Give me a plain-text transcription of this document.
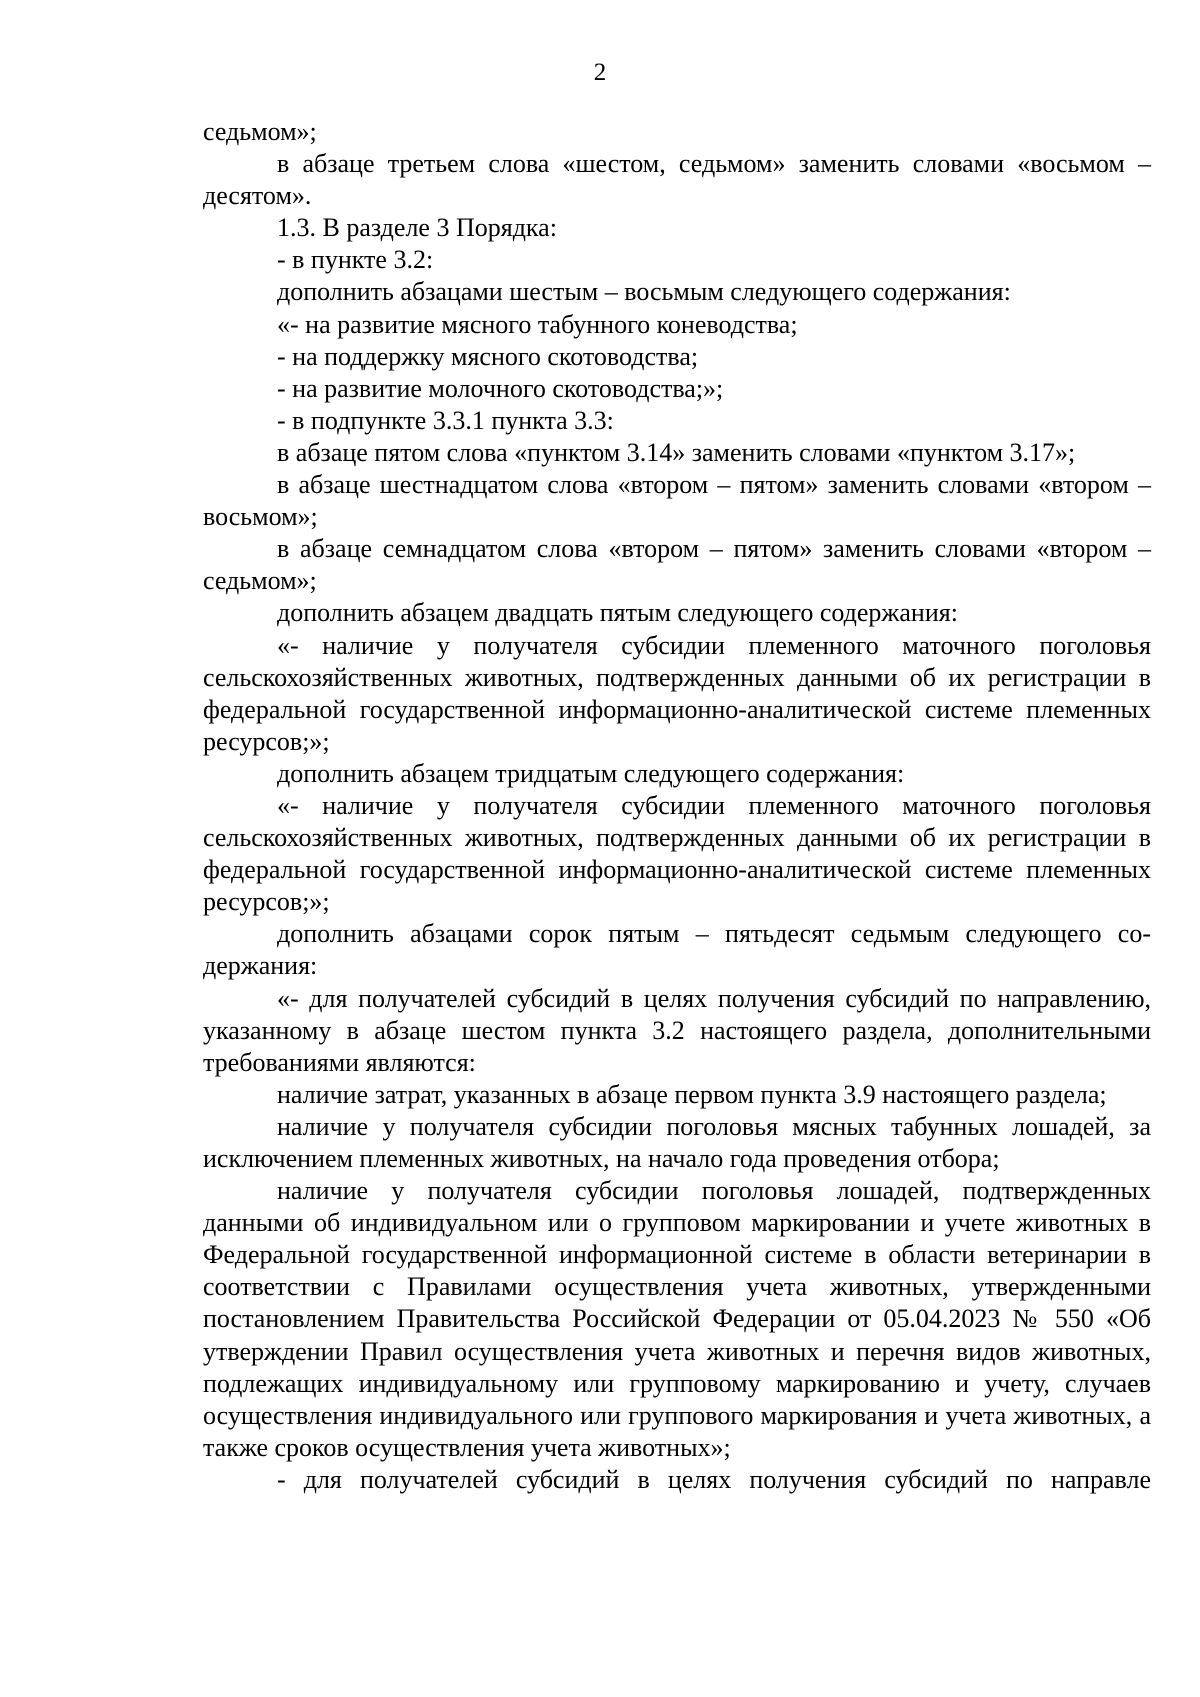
2

седьмом»;

в абзаце третьем слова «шестом, седьмом» заменить словами «восьмом – десятом».

1.3. В разделе 3 Порядка:

- в пункте 3.2:

дополнить абзацами шестым – восьмым следующего содержания:

«- на развитие мясного табунного коневодства;

- на поддержку мясного скотоводства;

- на развитие молочного скотоводства;»;

- в подпункте 3.3.1 пункта 3.3:

в абзаце пятом слова «пунктом 3.14» заменить словами «пунктом 3.17»;

в абзаце шестнадцатом слова «втором – пятом» заменить словами «втором – восьмом»;

в абзаце семнадцатом слова «втором – пятом» заменить словами «втором – седьмом»;

дополнить абзацем двадцать пятым следующего содержания:

«- наличие у получателя субсидии племенного маточного поголовья сельскохозяйственных животных, подтвержденных данными об их регистрации в федеральной государственной информационно-аналитической системе племенных ресурсов;»;

дополнить абзацем тридцатым следующего содержания:

«- наличие у получателя субсидии племенного маточного поголовья сельскохозяйственных животных, подтвержденных данными об их регистрации в федеральной государственной информационно-аналитической системе племенных ресурсов;»;

дополнить абзацами сорок пятым – пятьдесят седьмым следующего содержания:

«- для получателей субсидий в целях получения субсидий по направлению, указанному в абзаце шестом пункта 3.2 настоящего раздела, дополнительными требованиями являются:

наличие затрат, указанных в абзаце первом пункта 3.9 настоящего раздела;

наличие у получателя субсидии поголовья мясных табунных лошадей, за исключением племенных животных, на начало года проведения отбора;

наличие у получателя субсидии поголовья лошадей, подтвержденных данными об индивидуальном или о групповом маркировании и учете животных в Федеральной государственной информационной системе в области ветеринарии в соответствии с Правилами осуществления учета животных, утвержденными постановлением Правительства Российской Федерации от 05.04.2023 № 550 «Об утверждении Правил осуществления учета животных и перечня видов животных, подлежащих индивидуальному или групповому маркированию и учету, случаев осуществления индивидуального или группового маркирования и учета животных, а также сроков осуществления учета животных»;

- для получателей субсидий в целях получения субсидий по направле
